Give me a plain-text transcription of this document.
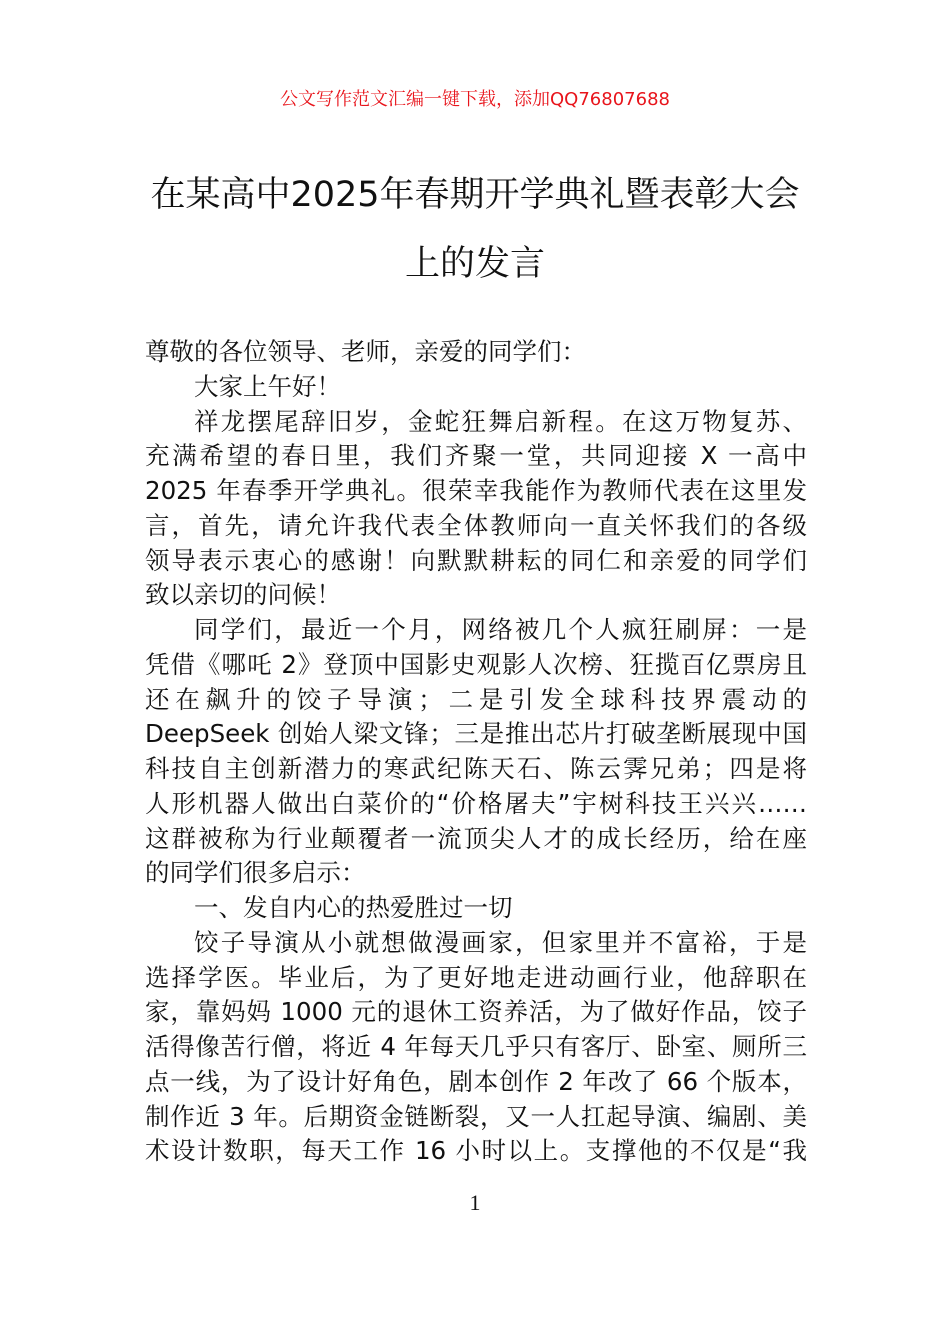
公文写作范文汇编一键下载，添加QQ76807688
在某高中2025年春期开学典礼暨表彰大会
上的发言
尊敬的各位领导、老师，亲爱的同学们：
大家上午好！
祥龙摆尾辞旧岁，金蛇狂舞启新程。在这万物复苏、
充满希望的春日里，我们齐聚一堂，共同迎接 X 一高中
2025 年春季开学典礼。很荣幸我能作为教师代表在这里发
言，首先，请允许我代表全体教师向一直关怀我们的各级
领导表示衷心的感谢！向默默耕耘的同仁和亲爱的同学们
致以亲切的问候！
同学们，最近一个月，网络被几个人疯狂刷屏：一是
凭借《哪吒 2》登顶中国影史观影人次榜、狂揽百亿票房且
还在飙升的饺子导演；二是引发全球科技界震动的
DeepSeek 创始人梁文锋；三是推出芯片打破垄断展现中国
科技自主创新潜力的寒武纪陈天石、陈云霁兄弟；四是将
人形机器人做出白菜价的“价格屠夫”宇树科技王兴兴……
这群被称为行业颠覆者一流顶尖人才的成长经历，给在座
的同学们很多启示：
一、发自内心的热爱胜过一切
饺子导演从小就想做漫画家，但家里并不富裕，于是
选择学医。毕业后，为了更好地走进动画行业，他辞职在
家，靠妈妈 1000 元的退休工资养活，为了做好作品，饺子
活得像苦行僧，将近 4 年每天几乎只有客厅、卧室、厕所三
点一线，为了设计好角色，剧本创作 2 年改了 66 个版本，
制作近 3 年。后期资金链断裂，又一人扛起导演、编剧、美
术设计数职，每天工作 16 小时以上。支撑他的不仅是“我
1
